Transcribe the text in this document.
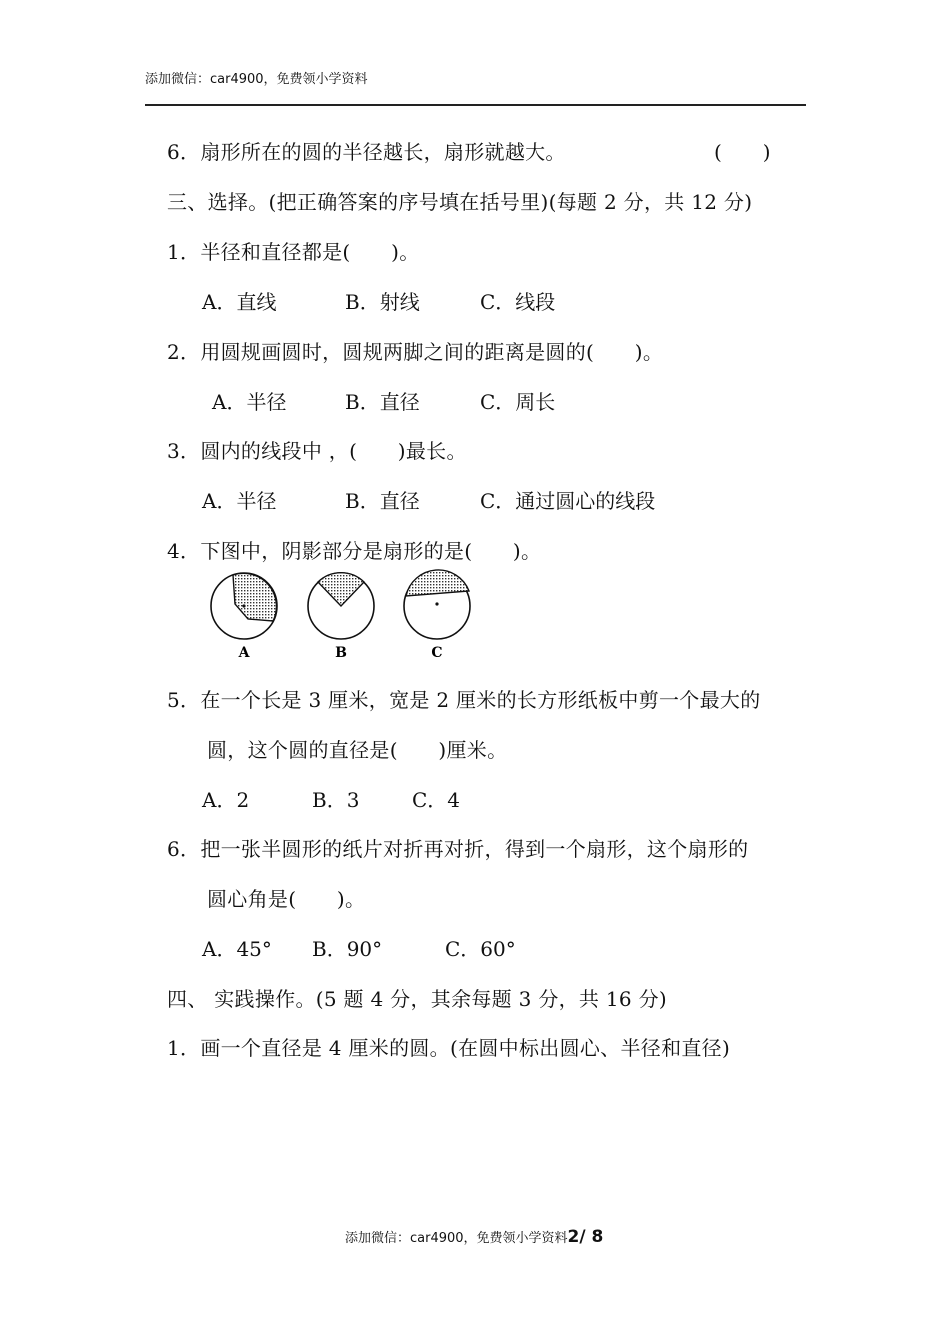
添加微信：car4900，免费领小学资料
6．扇形所在的圆的半径越长，扇形就越大。	(　　)
三、选择。(把正确答案的序号填在括号里)(每题 2 分，共 12 分)
1．半径和直径都是(　　)。
A．直线	B．射线	C．线段
2．用圆规画圆时，圆规两脚之间的距离是圆的(　　)。
A．半径	B．直径	C．周长
3．圆内的线段中 ，(　　)最长。
A．半径	B．直径	C．通过圆心的线段
4．下图中，阴影部分是扇形的是(　　)。
A	B	C
5．在一个长是 3 厘米，宽是 2 厘米的长方形纸板中剪一个最大的
圆，这个圆的直径是(　　)厘米。
A．2	B．3	C．4
6．把一张半圆形的纸片对折再对折，得到一个扇形，这个扇形的
圆心角是(　　)。
A．45° B．90°	C．60°
四、 实践操作。(5 题 4 分，其余每题 3 分，共 16 分)
1．画一个直径是 4 厘米的圆。(在圆中标出圆心、半径和直径)
添加微信：car4900，免费领小学资料2/ 8
